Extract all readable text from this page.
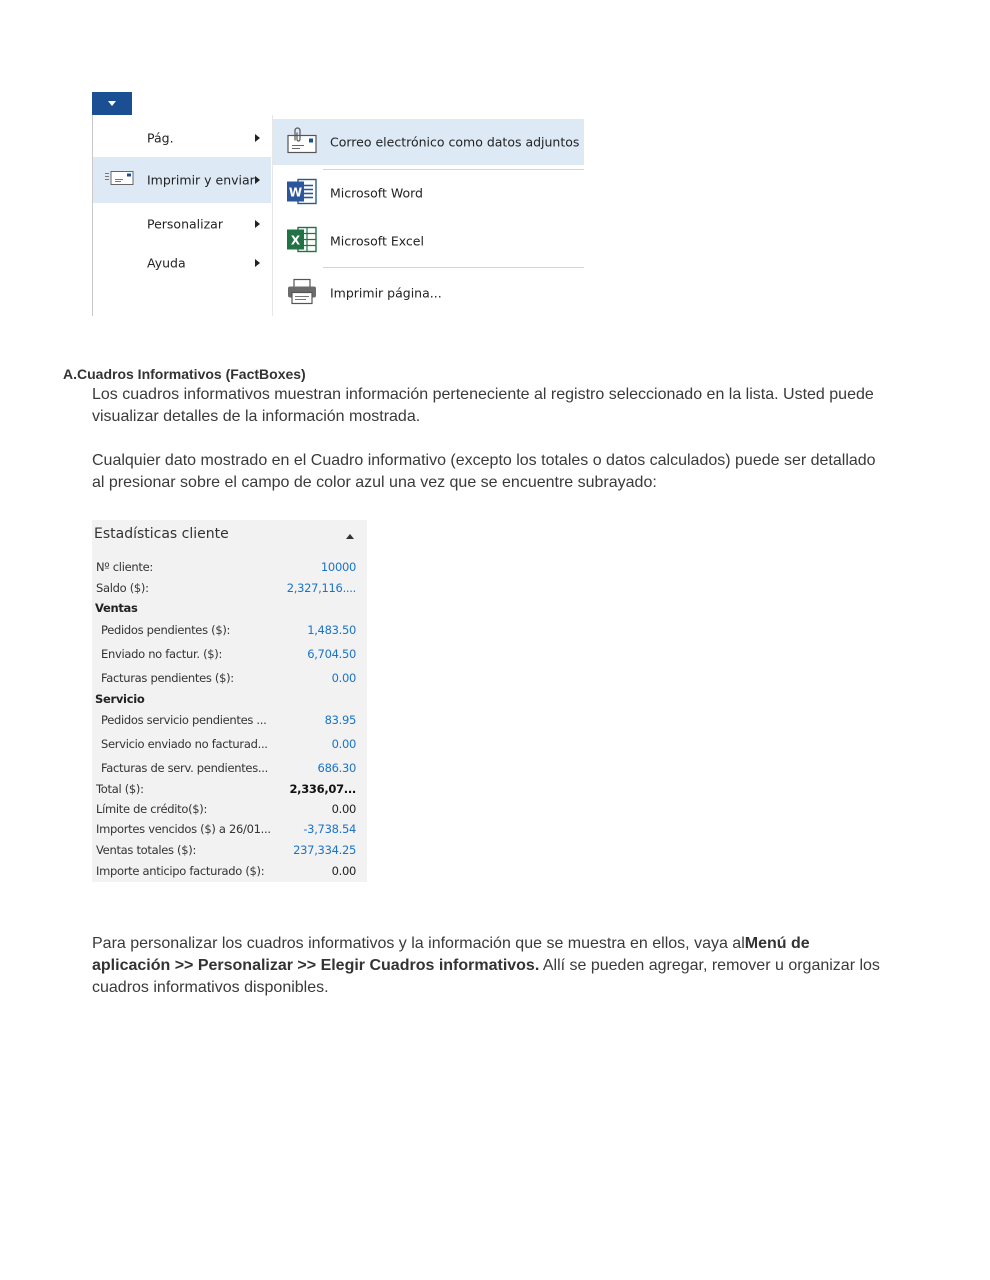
Pág.
Imprimir y enviar
Personalizar
Ayuda
Correo electrónico como datos adjuntos
W Microsoft Word
X Microsoft Excel
Imprimir página...
A.Cuadros Informativos (FactBoxes)
Los cuadros informativos muestran información perteneciente al registro seleccionado en la lista. Usted puede visualizar detalles de la información mostrada.
Cualquier dato mostrado en el Cuadro informativo (excepto los totales o datos calculados) puede ser detallado al presionar sobre el campo de color azul una vez que se encuentre subrayado:
Estadísticas cliente
Nº cliente:	10000
Saldo ($):	2,327,116....
Ventas
Pedidos pendientes ($):	1,483.50
Enviado no factur. ($):	6,704.50
Facturas pendientes ($):	0.00
Servicio
Pedidos servicio pendientes ...	83.95
Servicio enviado no facturad...	0.00
Facturas de serv. pendientes...	686.30
Total ($):	2,336,07...
Límite de crédito($):	0.00
Importes vencidos ($) a 26/01...	-3,738.54
Ventas totales ($):	237,334.25
Importe anticipo facturado ($):	0.00
Para personalizar los cuadros informativos y la información que se muestra en ellos, vaya alMenú de aplicación >> Personalizar >> Elegir Cuadros informativos. Allí se pueden agregar, remover u organizar los cuadros informativos disponibles.
